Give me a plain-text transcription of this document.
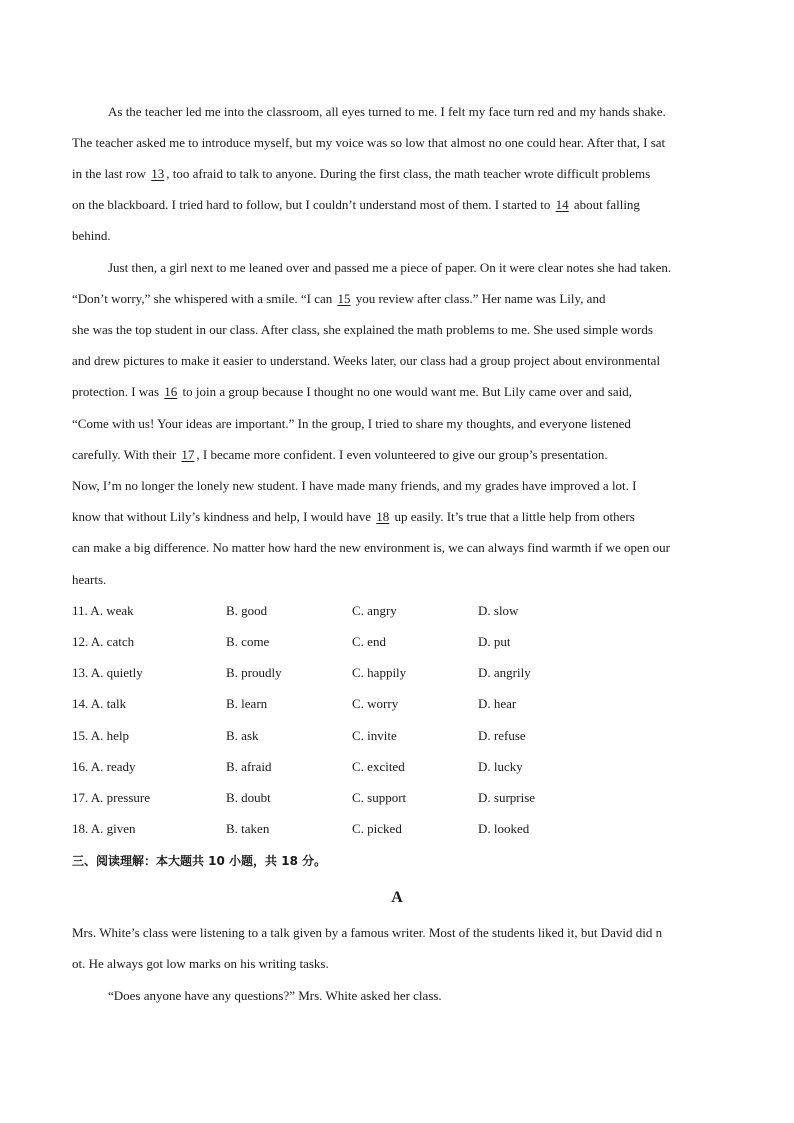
As the teacher led me into the classroom, all eyes turned to me. I felt my face turn red and my hands shake.
The teacher asked me to introduce myself, but my voice was so low that almost no one could hear. After that, I sat
in the last row 13 , too afraid to talk to anyone. During the first class, the math teacher wrote difficult problems
on the blackboard. I tried hard to follow, but I couldn’t understand most of them. I started to 14 about falling
behind.
Just then, a girl next to me leaned over and passed me a piece of paper. On it were clear notes she had taken.
“Don’t worry,” she whispered with a smile. “I can 15 you review after class.” Her name was Lily, and
she was the top student in our class. After class, she explained the math problems to me. She used simple words
and drew pictures to make it easier to understand. Weeks later, our class had a group project about environmental
protection. I was 16 to join a group because I thought no one would want me. But Lily came over and said,
“Come with us! Your ideas are important.” In the group, I tried to share my thoughts, and everyone listened
carefully. With their 17 , I became more confident. I even volunteered to give our group’s presentation.
Now, I’m no longer the lonely new student. I have made many friends, and my grades have improved a lot. I
know that without Lily’s kindness and help, I would have 18 up easily. It’s true that a little help from others
can make a big difference. No matter how hard the new environment is, we can always find warmth if we open our
hearts.
11. A. weak	B. good	C. angry	D. slow
12. A. catch	B. come	C. end	D. put
13. A. quietly	B. proudly	C. happily	D. angrily
14. A. talk	B. learn	C. worry	D. hear
15. A. help	B. ask	C. invite	D. refuse
16. A. ready	B. afraid	C. excited	D. lucky
17. A. pressure	B. doubt	C. support	D. surprise
18. A. given	B. taken	C. picked	D. looked
三、阅读理解：本大题共 10 小题，共 18 分。
A
Mrs. White’s class were listening to a talk given by a famous writer. Most of the students liked it, but David did n
ot. He always got low marks on his writing tasks.
“Does anyone have any questions?” Mrs. White asked her class.
